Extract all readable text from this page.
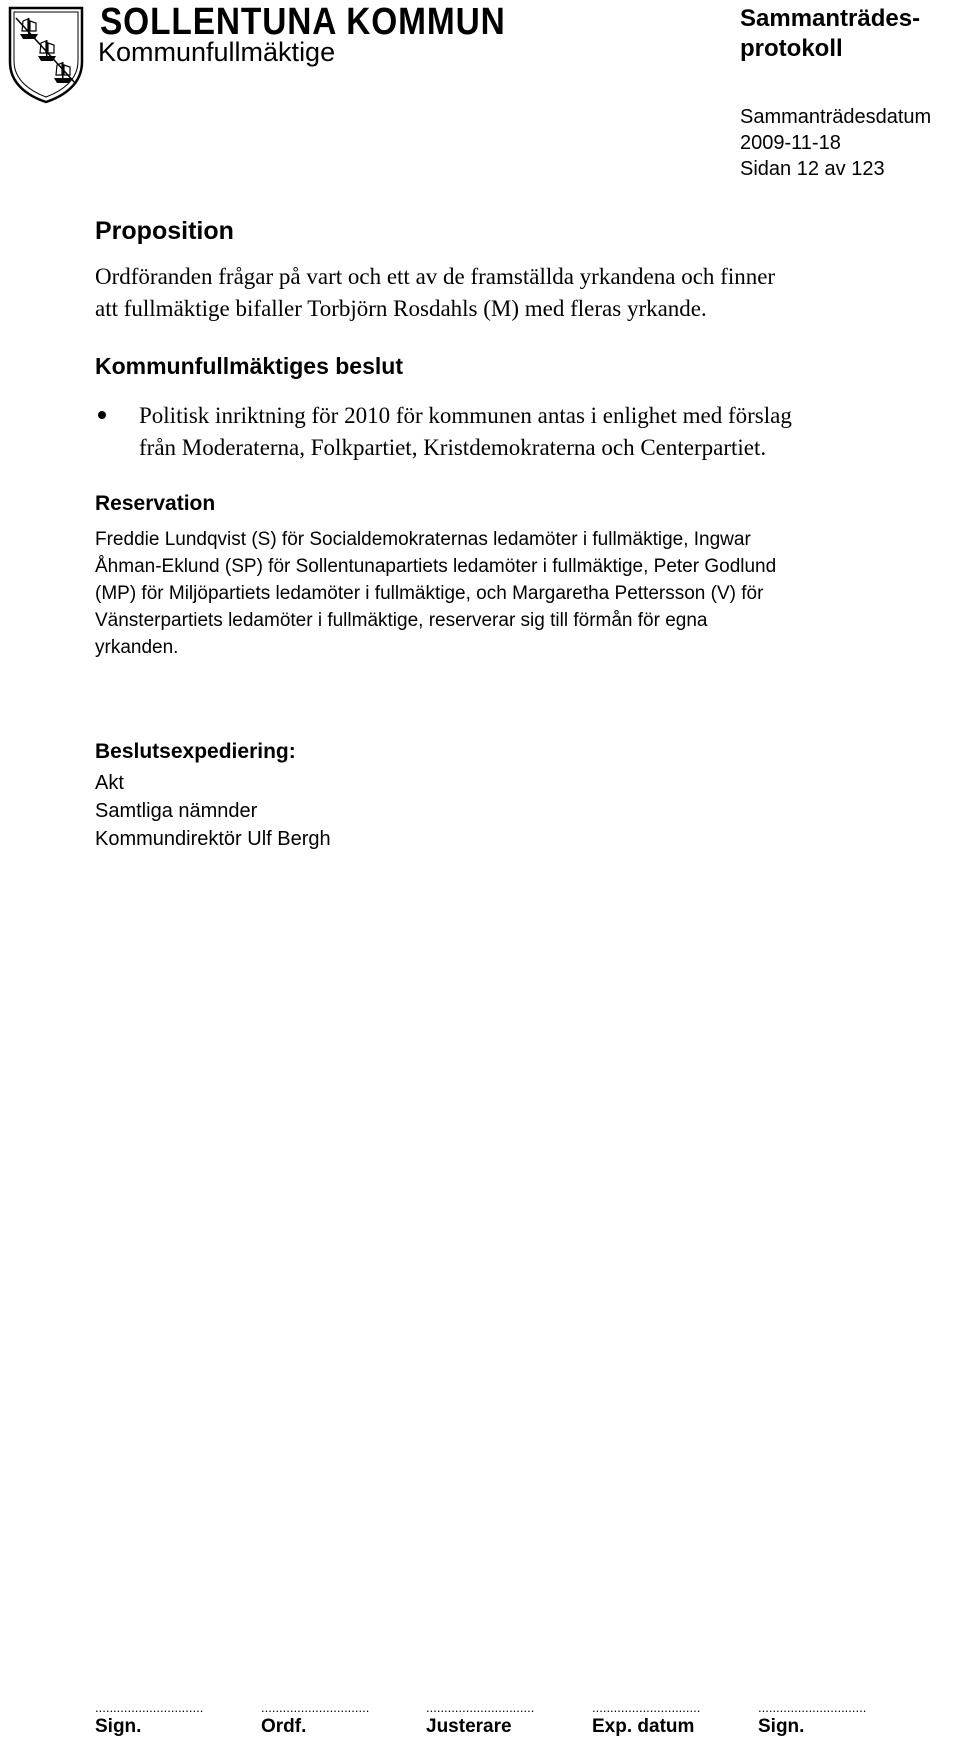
SOLLENTUNA KOMMUN
Kommunfullmäktige
Sammanträdes-
protokoll
Sammanträdesdatum
2009-11-18
Sidan 12 av 123
Proposition
Ordföranden frågar på vart och ett av de framställda yrkandena och finner
att fullmäktige bifaller Torbjörn Rosdahls (M) med fleras yrkande.
Kommunfullmäktiges beslut
Politisk inriktning för 2010 för kommunen antas i enlighet med förslag
från Moderaterna, Folkpartiet, Kristdemokraterna och Centerpartiet.
Reservation
Freddie Lundqvist (S) för Socialdemokraternas ledamöter i fullmäktige, Ingwar
Åhman-Eklund (SP) för Sollentunapartiets ledamöter i fullmäktige, Peter Godlund
(MP) för Miljöpartiets ledamöter i fullmäktige, och Margaretha Pettersson (V) för
Vänsterpartiets ledamöter i fullmäktige, reserverar sig till förmån för egna
yrkanden.
Beslutsexpediering:
Akt
Samtliga nämnder
Kommundirektör Ulf Bergh
..............................
Sign.
..............................
Ordf.
..............................
Justerare
..............................
Exp. datum
..............................
Sign.
